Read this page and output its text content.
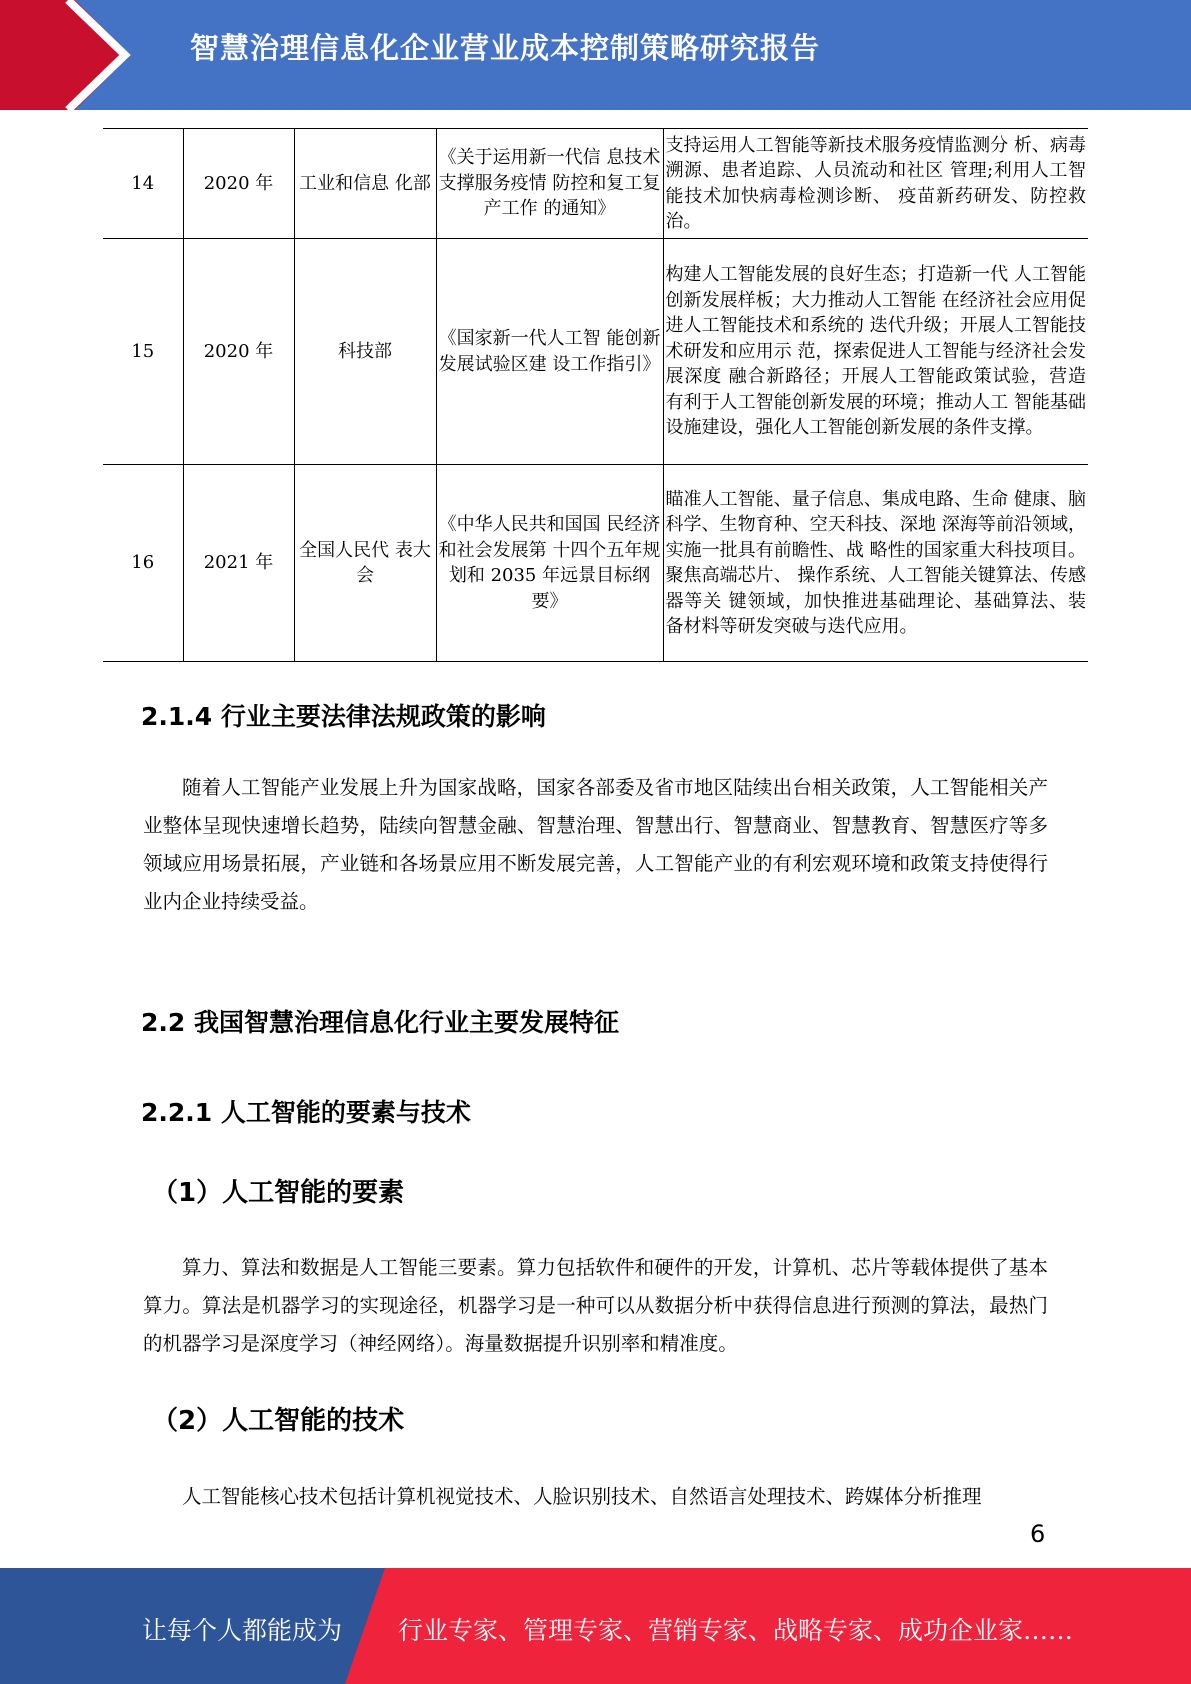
智慧治理信息化企业营业成本控制策略研究报告
14	2020 年	工业和信息 化部	《关于运用新一代信 息技术支撑服务疫情 防控和复工复产工作 的通知》	支持运用人工智能等新技术服务疫情监测分 析、病毒溯源、患者追踪、人员流动和社区 管理;利用人工智能技术加快病毒检测诊断、 疫苗新药研发、防控救治。
15	2020 年	科技部	《国家新一代人工智 能创新发展试验区建 设工作指引》	构建人工智能发展的良好生态；打造新一代 人工智能创新发展样板；大力推动人工智能 在经济社会应用促进人工智能技术和系统的 迭代升级；开展人工智能技术研发和应用示 范，探索促进人工智能与经济社会发展深度 融合新路径；开展人工智能政策试验，营造 有利于人工智能创新发展的环境；推动人工 智能基础设施建设，强化人工智能创新发展的条件支撑。
16	2021 年	全国人民代 表大会	《中华人民共和国国 民经济和社会发展第 十四个五年规划和 2035 年远景目标纲要》	瞄准人工智能、量子信息、集成电路、生命 健康、脑科学、生物育种、空天科技、深地 深海等前沿领域，实施一批具有前瞻性、战 略性的国家重大科技项目。聚焦高端芯片、 操作系统、人工智能关键算法、传感器等关 键领域，加快推进基础理论、基础算法、装 备材料等研发突破与迭代应用。
2.1.4 行业主要法律法规政策的影响

随着人工智能产业发展上升为国家战略，国家各部委及省市地区陆续出台相关政策，人工智能相关产业整体呈现快速增长趋势，陆续向智慧金融、智慧治理、智慧出行、智慧商业、智慧教育、智慧医疗等多领域应用场景拓展，产业链和各场景应用不断发展完善，人工智能产业的有利宏观环境和政策支持使得行业内企业持续受益。

2.2 我国智慧治理信息化行业主要发展特征
2.2.1 人工智能的要素与技术
（1）人工智能的要素

算力、算法和数据是人工智能三要素。算力包括软件和硬件的开发，计算机、芯片等载体提供了基本算力。算法是机器学习的实现途径，机器学习是一种可以从数据分析中获得信息进行预测的算法，最热门的机器学习是深度学习（神经网络）。海量数据提升识别率和精准度。

（2）人工智能的技术

人工智能核心技术包括计算机视觉技术、人脸识别技术、自然语言处理技术、跨媒体分析推理

6
让每个人都能成为 行业专家、管理专家、营销专家、战略专家、成功企业家……
